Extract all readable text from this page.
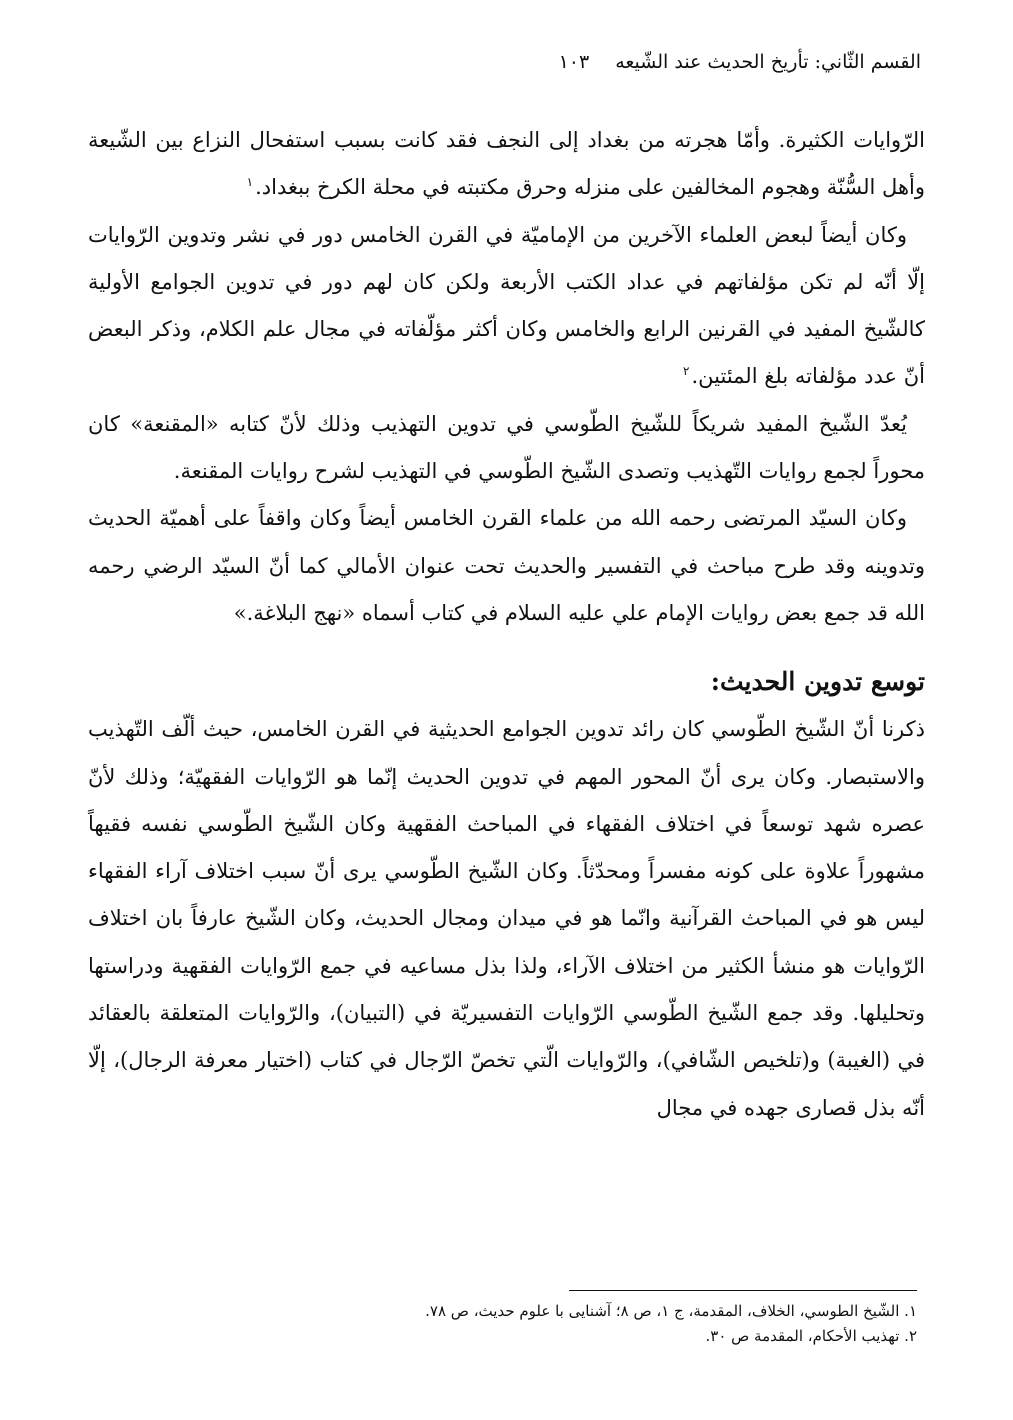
القسم الثّاني: تأريخ الحديث عند الشّيعه
١٠٣

الرّوايات الكثيرة. وأمّا هجرته من بغداد إلى النجف فقد كانت بسبب استفحال النزاع بين الشّيعة وأهل السُّنّة وهجوم المخالفين على منزله وحرق مكتبته في محلة الكرخ ببغداد.$^١$

وكان أيضاً لبعض العلماء الآخرين من الإماميّة في القرن الخامس دور في نشر وتدوين الرّوايات إلّا أنّه لم تكن مؤلفاتهم في عداد الكتب الأربعة ولكن كان لهم دور في تدوين الجوامع الأولية كالشّيخ المفيد في القرنين الرابع والخامس وكان أكثر مؤلّفاته في مجال علم الكلام، وذكر البعض أنّ عدد مؤلفاته بلغ المئتين.$^٢$

يُعدّ الشّيخ المفيد شريكاً للشّيخ الطّوسي في تدوين التهذيب وذلك لأنّ كتابه «المقنعة» كان محوراً لجمع روايات التّهذيب وتصدى الشّيخ الطّوسي في التهذيب لشرح روايات المقنعة.

وكان السيّد المرتضى رحمه الله من علماء القرن الخامس أيضاً وكان واقفاً على أهميّة الحديث وتدوينه وقد طرح مباحث في التفسير والحديث تحت عنوان الأمالي كما أنّ السيّد الرضي رحمه الله قد جمع بعض روايات الإمام علي عليه السلام في كتاب أسماه «نهج البلاغة.»

توسع تدوين الحديث:

ذكرنا أنّ الشّيخ الطّوسي كان رائد تدوين الجوامع الحديثية في القرن الخامس، حيث ألّف التّهذيب والاستبصار. وكان يرى أنّ المحور المهم في تدوين الحديث إنّما هو الرّوايات الفقهيّة؛ وذلك لأنّ عصره شهد توسعاً في اختلاف الفقهاء في المباحث الفقهية وكان الشّيخ الطّوسي نفسه فقيهاً مشهوراً علاوة على كونه مفسراً ومحدّثاً. وكان الشّيخ الطّوسي يرى أنّ سبب اختلاف آراء الفقهاء ليس هو في المباحث القرآنية وانّما هو في ميدان ومجال الحديث، وكان الشّيخ عارفاً بان اختلاف الرّوايات هو منشأ الكثير من اختلاف الآراء، ولذا بذل مساعيه في جمع الرّوايات الفقهية ودراستها وتحليلها. وقد جمع الشّيخ الطّوسي الرّوايات التفسيريّة في (التبيان)، والرّوايات المتعلقة بالعقائد في (الغيبة) و(تلخيص الشّافي)، والرّوايات الّتي تخصّ الرّجال في كتاب (اختيار معرفة الرجال)، إلّا أنّه بذل قصارى جهده في مجال

١. الشّيخ الطوسي، الخلاف، المقدمة، ج ١، ص ٨؛ آشنايى با علوم حديث، ص ٧٨.

٢. تهذيب الأحكام، المقدمة ص ٣٠.
